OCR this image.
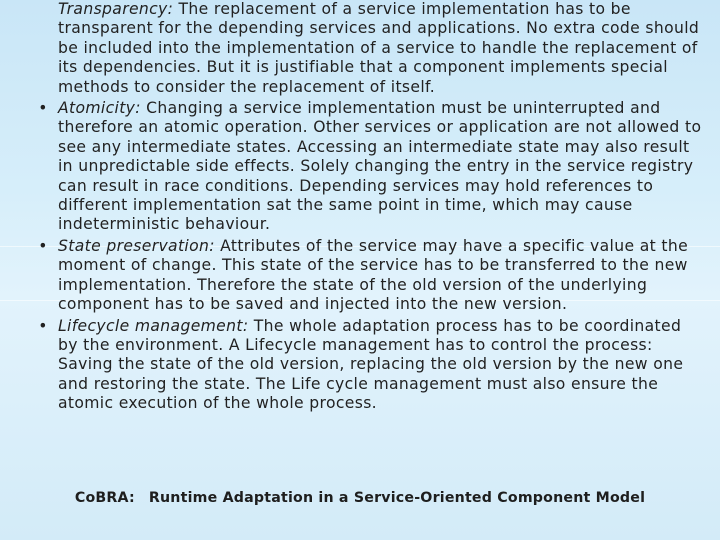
Transparency: The replacement of a service implementation has to be transparent for the depending services and applications. No extra code should be included into the implementation of a service to handle the replacement of its dependencies. But it is justifiable that a component implements special methods to consider the replacement of itself.
• Atomicity: Changing a service implementation must be uninterrupted and therefore an atomic operation. Other services or application are not allowed to see any intermediate states. Accessing an intermediate state may also result in unpredictable side effects. Solely changing the entry in the service registry can result in race conditions. Depending services may hold references to different implementation sat the same point in time, which may cause indeterministic behaviour.
• State preservation: Attributes of the service may have a specific value at the moment of change. This state of the service has to be transferred to the new implementation. Therefore the state of the old version of the underlying component has to be saved and injected into the new version.
• Lifecycle management: The whole adaptation process has to be coordinated by the environment. A Lifecycle management has to control the process: Saving the state of the old version, replacing the old version by the new one and restoring the state. The Life cycle management must also ensure the atomic execution of the whole process.
CoBRA: Runtime Adaptation in a Service-Oriented Component Model
